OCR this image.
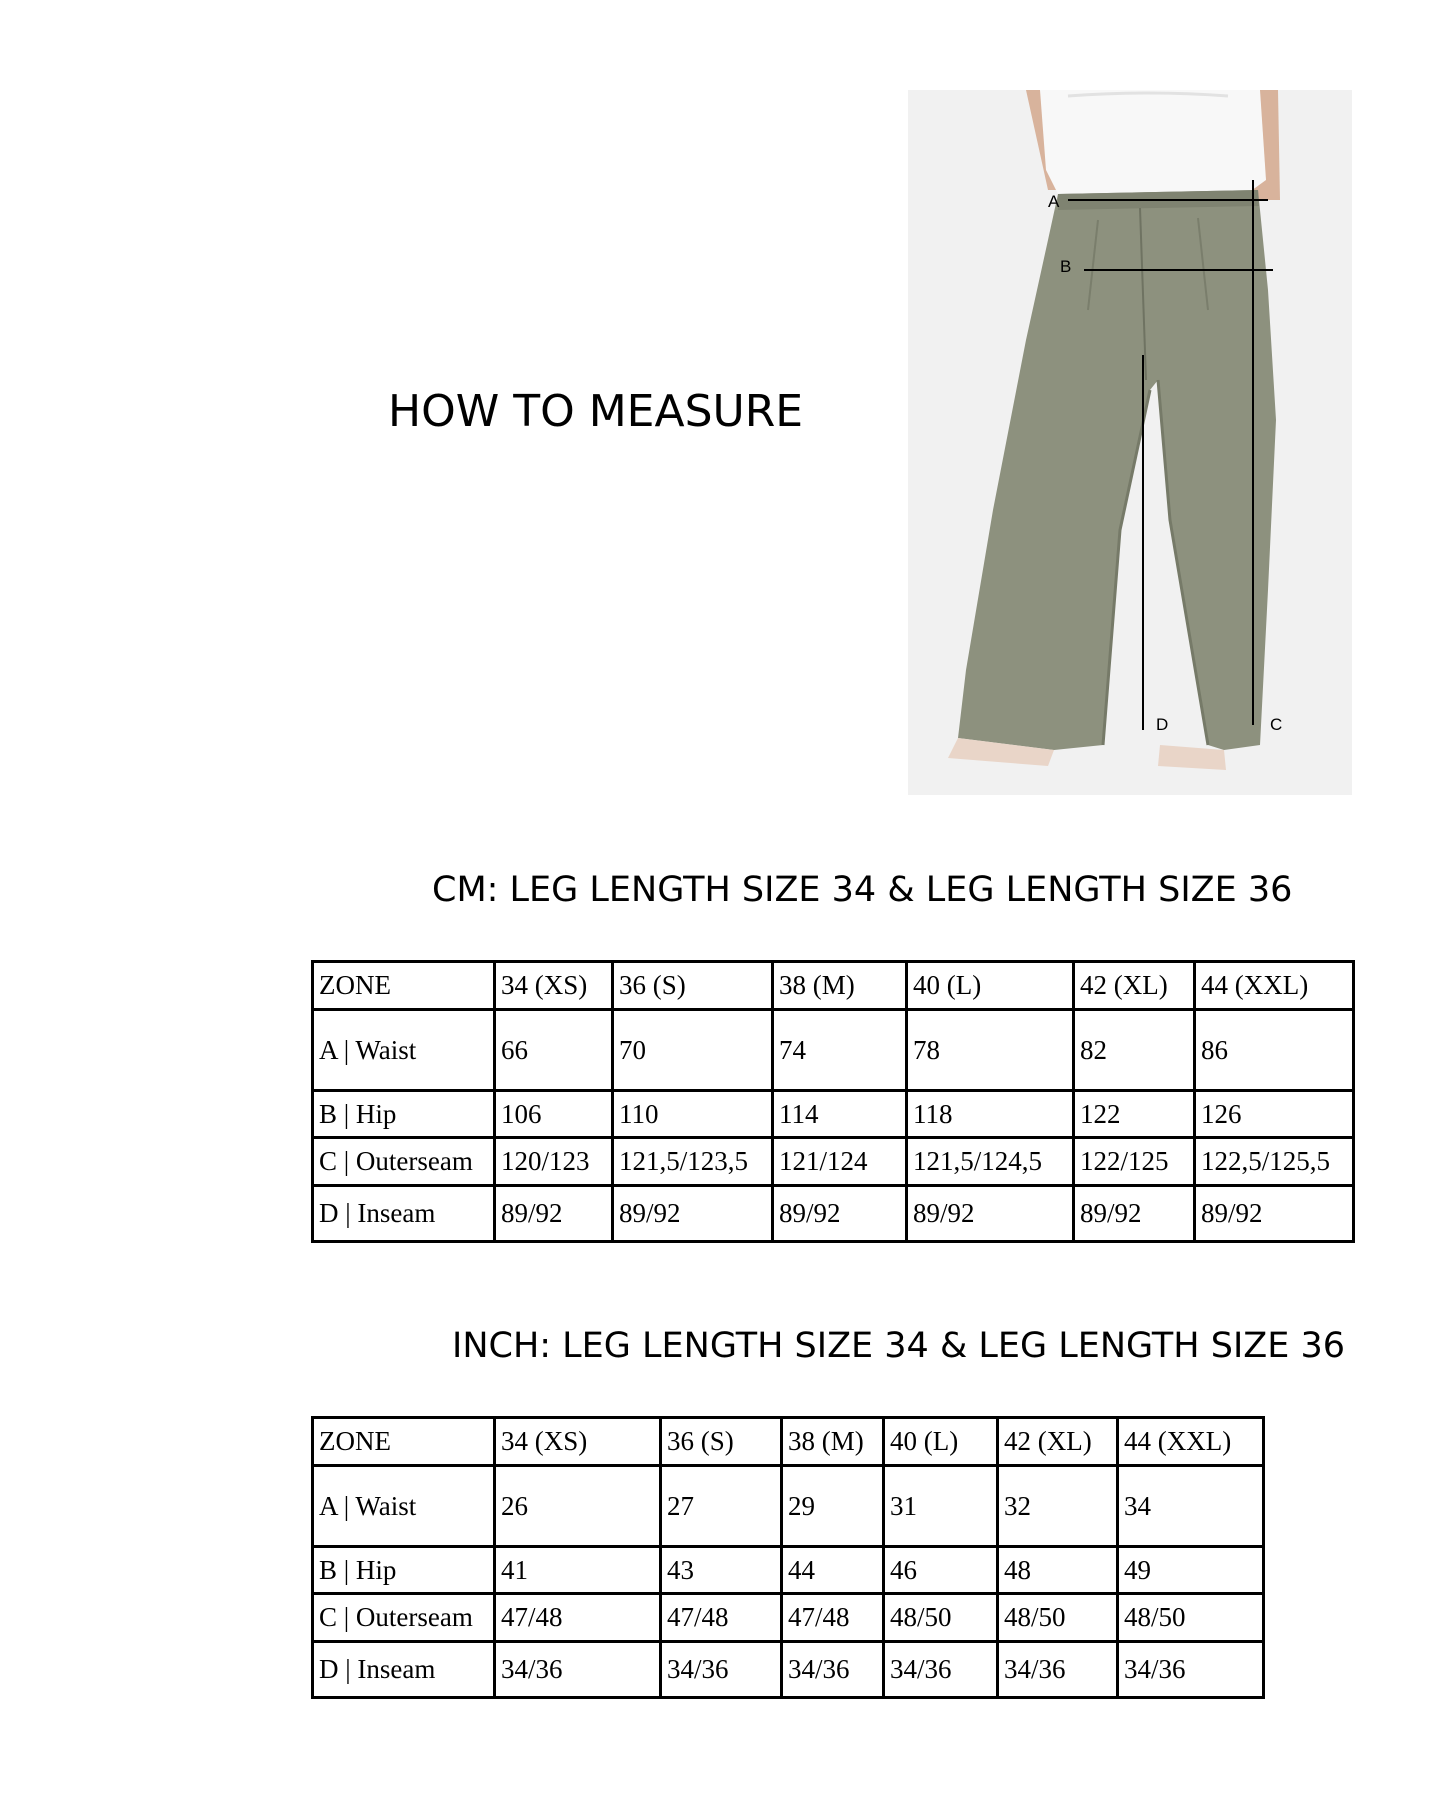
HOW TO MEASURE
A
B
C
D
CM: LEG LENGTH SIZE 34 & LEG LENGTH SIZE 36
ZONE	34 (XS)	36 (S)	38 (M)	40 (L)	42 (XL)	44 (XXL)
A | Waist	66	70	74	78	82	86
B | Hip	106	110	114	118	122	126
C | Outerseam	120/123	121,5/123,5	121/124	121,5/124,5	122/125	122,5/125,5
D | Inseam	89/92	89/92	89/92	89/92	89/92	89/92
INCH: LEG LENGTH SIZE 34 & LEG LENGTH SIZE 36
ZONE	34 (XS)	36 (S)	38 (M)	40 (L)	42 (XL)	44 (XXL)
A | Waist	26	27	29	31	32	34
B | Hip	41	43	44	46	48	49
C | Outerseam	47/48	47/48	47/48	48/50	48/50	48/50
D | Inseam	34/36	34/36	34/36	34/36	34/36	34/36
